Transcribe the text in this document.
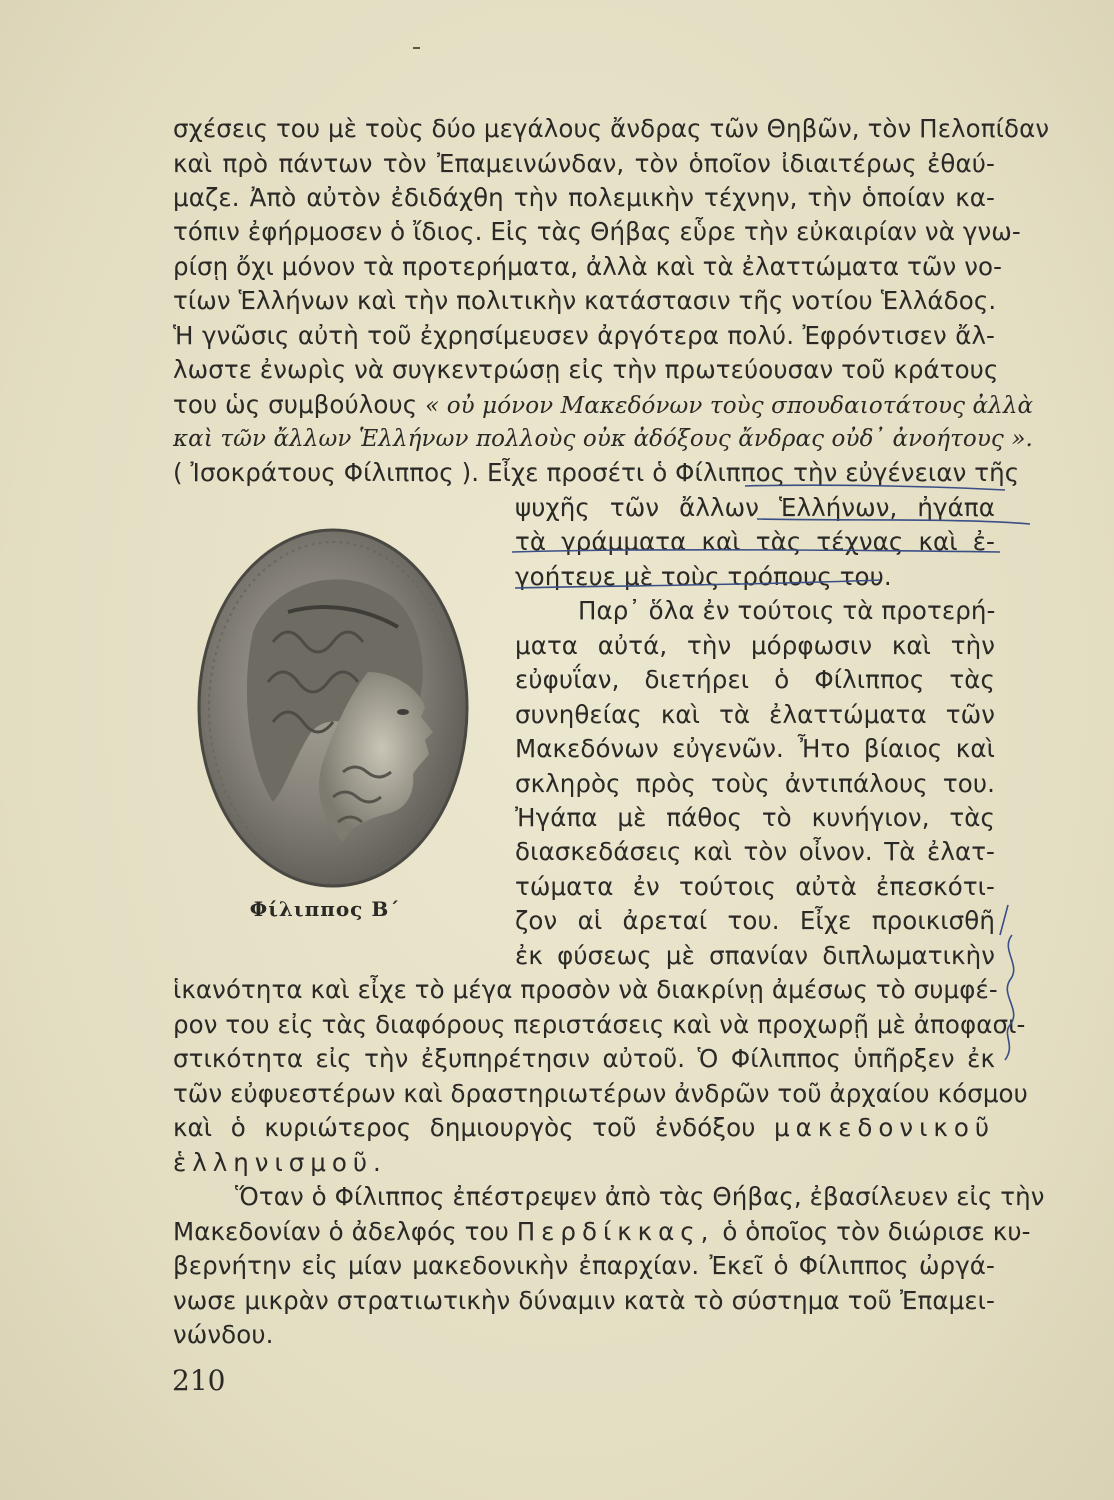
σχέσεις του μὲ τοὺς δύο μεγάλους ἄνδρας τῶν Θηβῶν, τὸν Πελοπίδαν
καὶ πρὸ πάντων τὸν Ἐπαμεινώνδαν, τὸν ὁποῖον ἰδιαιτέρως ἐθαύ-
μαζε. Ἀπὸ αὐτὸν ἐδιδάχθη τὴν πολεμικὴν τέχνην, τὴν ὁποίαν κα-
τόπιν ἐφήρμοσεν ὁ ἴδιος. Εἰς τὰς Θήβας εὗρε τὴν εὐκαιρίαν νὰ γνω-
ρίσῃ ὄχι μόνον τὰ προτερήματα, ἀλλὰ καὶ τὰ ἐλαττώματα τῶν νο-
τίων Ἑλλήνων καὶ τὴν πολιτικὴν κατάστασιν τῆς νοτίου Ἑλλάδος.
Ἡ γνῶσις αὐτὴ τοῦ ἐχρησίμευσεν ἀργότερα πολύ. Ἐφρόντισεν ἄλ-
λωστε ἐνωρὶς νὰ συγκεντρώσῃ εἰς τὴν πρωτεύουσαν τοῦ κράτους
του ὡς συμβούλους « οὐ μόνον Μακεδόνων τοὺς σπουδαιοτάτους ἀλλὰ
καὶ τῶν ἄλλων Ἑλλήνων πολλοὺς οὐκ ἀδόξους ἄνδρας οὐδ᾽ ἀνοήτους ».
( Ἰσοκράτους Φίλιππος ). Εἶχε προσέτι ὁ Φίλιππος τὴν εὐγένειαν τῆς
ψυχῆς τῶν ἄλλων Ἑλλήνων, ἠγάπα
τὰ γράμματα καὶ τὰς τέχνας καὶ ἐ-
γοήτευε μὲ τοὺς τρόπους του.
Παρ᾽ ὅλα ἐν τούτοις τὰ προτερή-
ματα αὐτά, τὴν μόρφωσιν καὶ τὴν
εὐφυΐαν, διετήρει ὁ Φίλιππος τὰς
συνηθείας καὶ τὰ ἐλαττώματα τῶν
Μακεδόνων εὐγενῶν. Ἦτο βίαιος καὶ
σκληρὸς πρὸς τοὺς ἀντιπάλους του.
Ἠγάπα μὲ πάθος τὸ κυνήγιον, τὰς
διασκεδάσεις καὶ τὸν οἶνον. Τὰ ἐλατ-
τώματα ἐν τούτοις αὐτὰ ἐπεσκότι-
ζον αἱ ἀρεταί του. Εἶχε προικισθῆ
ἐκ φύσεως μὲ σπανίαν διπλωματικὴν
Φίλιππος Β΄
ἱκανότητα καὶ εἶχε τὸ μέγα προσὸν νὰ διακρίνῃ ἀμέσως τὸ συμφέ-
ρον του εἰς τὰς διαφόρους περιστάσεις καὶ νὰ προχωρῇ μὲ ἀποφασι-
στικότητα εἰς τὴν ἐξυπηρέτησιν αὐτοῦ. Ὁ Φίλιππος ὑπῆρξεν ἐκ
τῶν εὐφυεστέρων καὶ δραστηριωτέρων ἀνδρῶν τοῦ ἀρχαίου κόσμου
καὶ ὁ κυριώτερος δημιουργὸς τοῦ ἐνδόξου μακεδονικοῦ
ἑλληνισμοῦ.
Ὅταν ὁ Φίλιππος ἐπέστρεψεν ἀπὸ τὰς Θήβας, ἐβασίλευεν εἰς τὴν
Μακεδονίαν ὁ ἀδελφός του Περδίκκας, ὁ ὁποῖος τὸν διώρισε κυ-
βερνήτην εἰς μίαν μακεδονικὴν ἐπαρχίαν. Ἐκεῖ ὁ Φίλιππος ὠργά-
νωσε μικρὰν στρατιωτικὴν δύναμιν κατὰ τὸ σύστημα τοῦ Ἐπαμει-
νώνδου.
210
